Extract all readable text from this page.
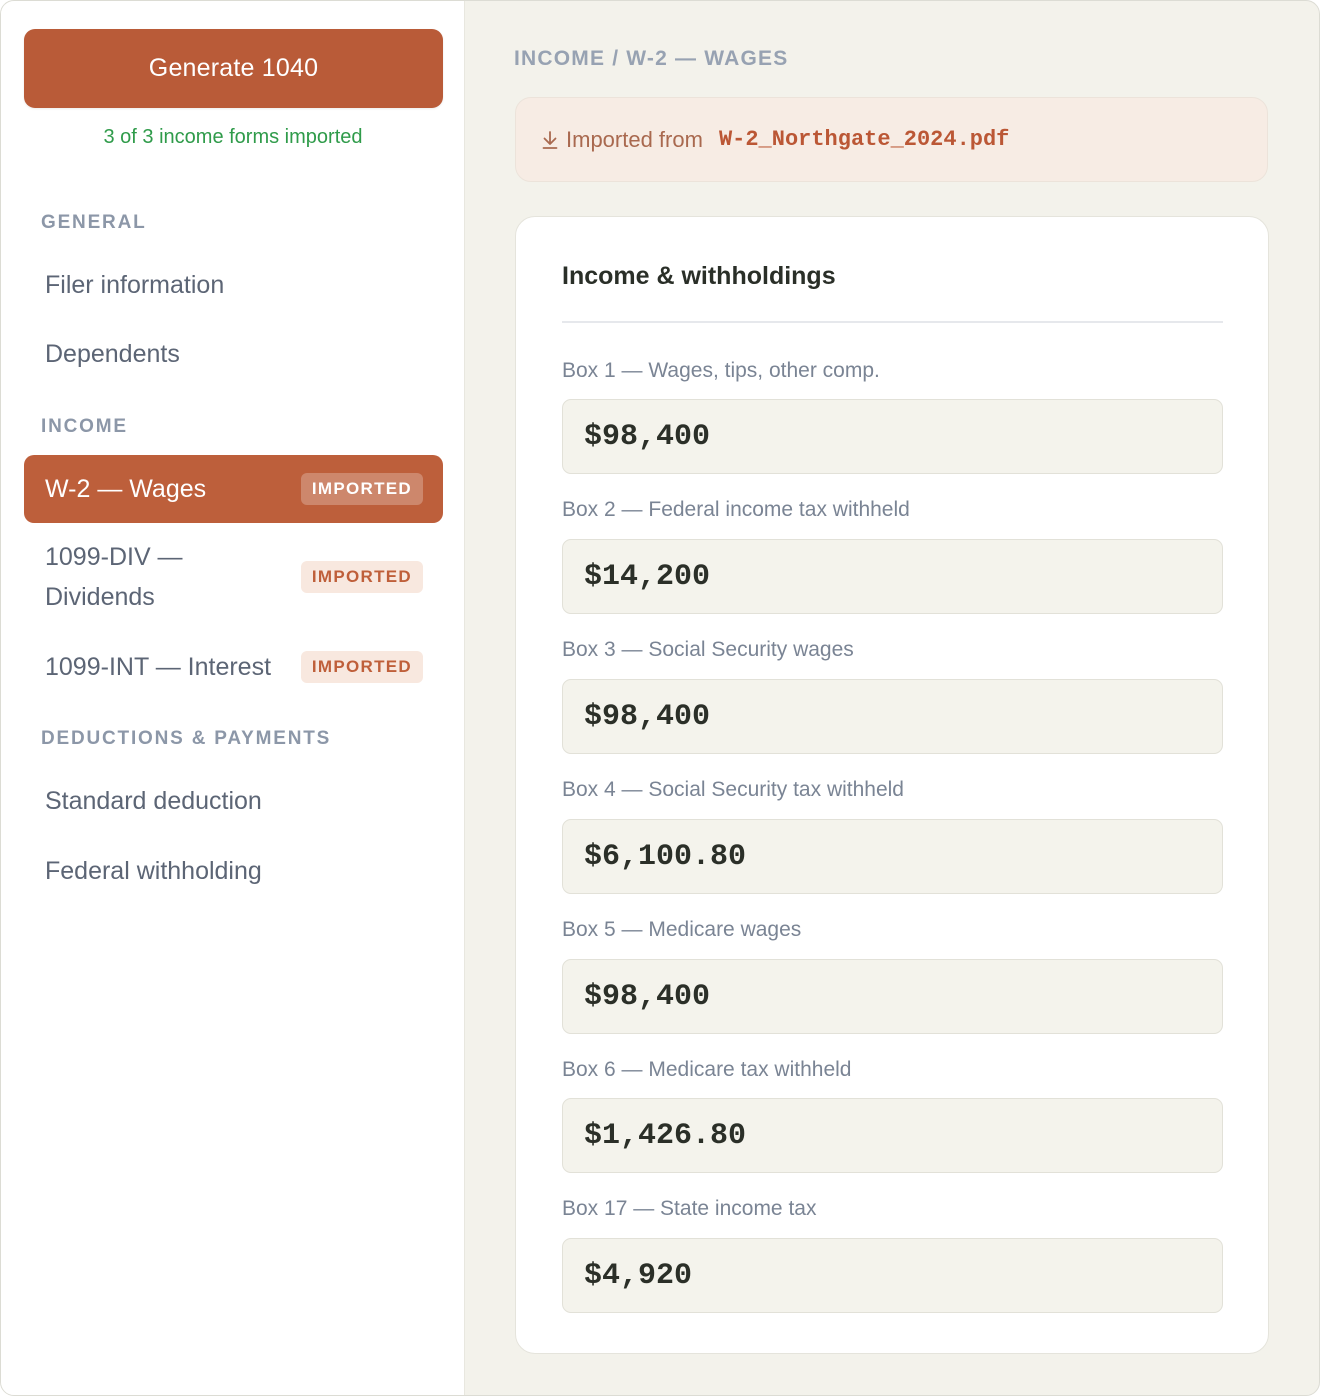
Generate 1040
3 of 3 income forms imported
GENERAL
Filer information
Dependents
INCOME
W-2 — Wages	IMPORTED
1099-DIV —
Dividends
IMPORTED
1099-INT — Interest	IMPORTED
DEDUCTIONS & PAYMENTS
Standard deduction
Federal withholding
INCOME / W-2 — WAGES
Imported from W-2_Northgate_2024.pdf
Income & withholdings
Box 1 — Wages, tips, other comp.
$98,400
Box 2 — Federal income tax withheld
$14,200
Box 3 — Social Security wages
$98,400
Box 4 — Social Security tax withheld
$6,100.80
Box 5 — Medicare wages
$98,400
Box 6 — Medicare tax withheld
$1,426.80
Box 17 — State income tax
$4,920
